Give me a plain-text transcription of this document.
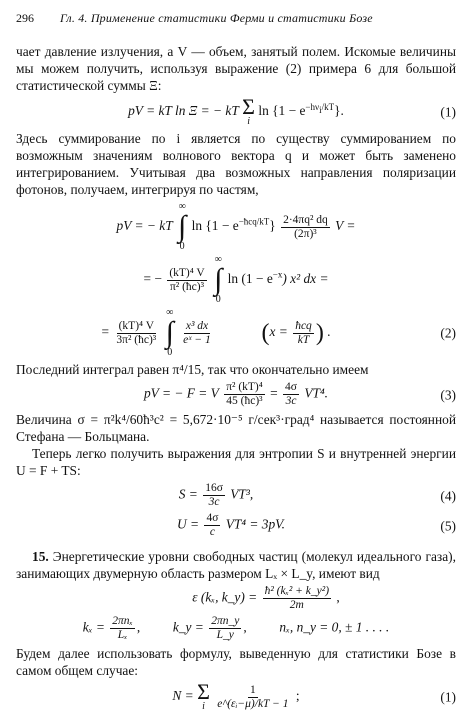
296	Гл. 4. Применение статистики Ферми и статистики Бозе

чает давление излучения, а V — объем, занятый полем. Искомые величины мы можем получить, используя выражение (2) примера 6 для большой статистической суммы Ξ:

pV = kT ln Ξ = − kT Σ
i
$\ln \{1 - e^{-h\nu_i/kT}\}$.	(1)

Здесь суммирование по i является по существу суммированием по возможным значениям волнового вектора q и может быть заменено интегрированием. Учитывая два возможных направления поляризации фотонов, получаем, интегрируя по частям,

pV = − kT
∞
∫
0
$\ln \{1 - e^{-ħcq/kT}\} \frac{\text{2·4πq² dq}}{\text{(2π)³}}$ V =
= − $\frac{\text{(kT)⁴ V}}{\text{π² (ħc)³}}$

∞
∫
0
$\ln (1 - e^{-x})$ x² dx =
= $\frac{\text{(kT)⁴ V}}{\text{3π² (ħc)³}}$

∞
∫
0

$\frac{\text{x³ dx}}{\text{eˣ − 1}} (x = \frac{\text{ħcq}}{kT}$ ) .	(2)

Последний интеграл равен π⁴/15, так что окончательно имеем

pV = − F = V $\frac{\text{π² (kT)⁴}}{\text{45 (ħc)³}} = \frac{4\sigma}{3c} VT^4$.	(3)

Величина σ = π²k⁴/60ħ³c² = 5,672·10⁻⁵ г/сек³·град⁴ называется постоянной Стефана — Больцмана.

Теперь легко получить выражения для энтропии S и внутренней энергии U = F + TS:

$S = \frac{16\sigma}{3c} VT^3$,	(4)
$U = \frac{4\sigma}{c} VT^4 = 3pV$.	(5)

15. Энергетические уровни свободных частиц (молекул идеального газа), занимающих двумерную область размером Lₓ × L_y, имеют вид

ε (kₓ, k_y) = $\frac{\text{ħ² (kₓ² + k\_y²)}}{2m}$ ,
$k_x = \frac{\text{2πnₓ}}{\text{Lₓ}}$ ,  k_y = $\frac{2\pi n\_y}{L\_y}$ ,  nₓ, n_y = 0, ± 1 . . . .

Будем далее использовать формулу, выведенную для статистики Бозе в самом общем случае:

N = Σ
i
$\frac{1}{\text{e\textasciicircum{}(εᵢ−μ)/kT − 1}}$ ;	(1)
